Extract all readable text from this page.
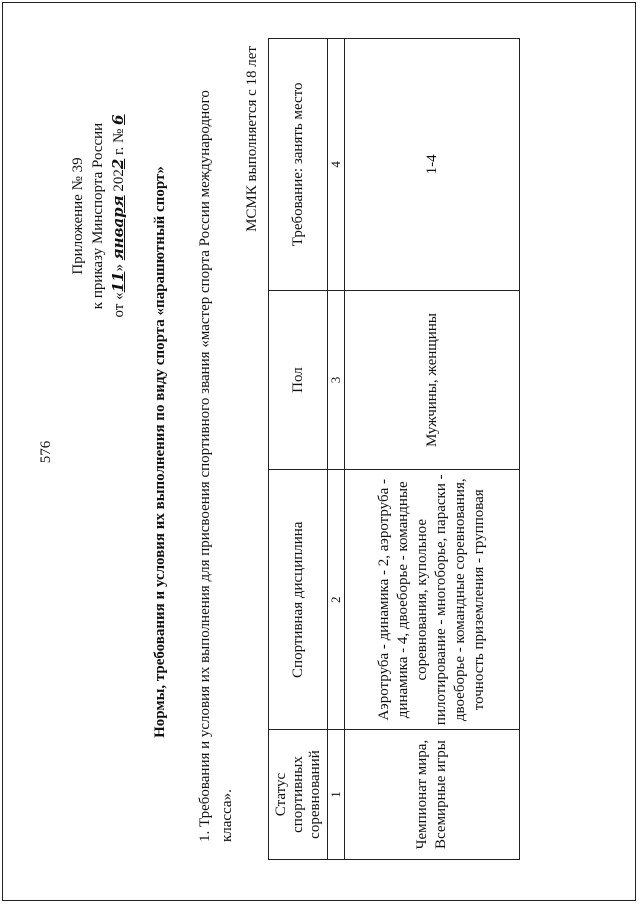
576
Приложение № 39 к приказу Минспорта России от «11» января 2022 г. № 6
Нормы, требования и условия их выполнения по виду спорта «парашютный спорт» 1. Требования и условия их выполнения для присвоения спортивного звания «мастер спорта России международного класса».
МСМК выполняется с 18 лет
Статус спортивных соревнований	Спортивная дисциплина	Пол	Требование: занять место
1	2	3	4
Чемпионат мира, Всемирные игры	Аэротруба - динамика - 2, аэротруба - динамика - 4, двоеборье - командные соревнования, купольное пилотирование - многоборье, параски - двоеборье - командные соревнования, точность приземления - групповая	Мужчины, женщины	1-4
